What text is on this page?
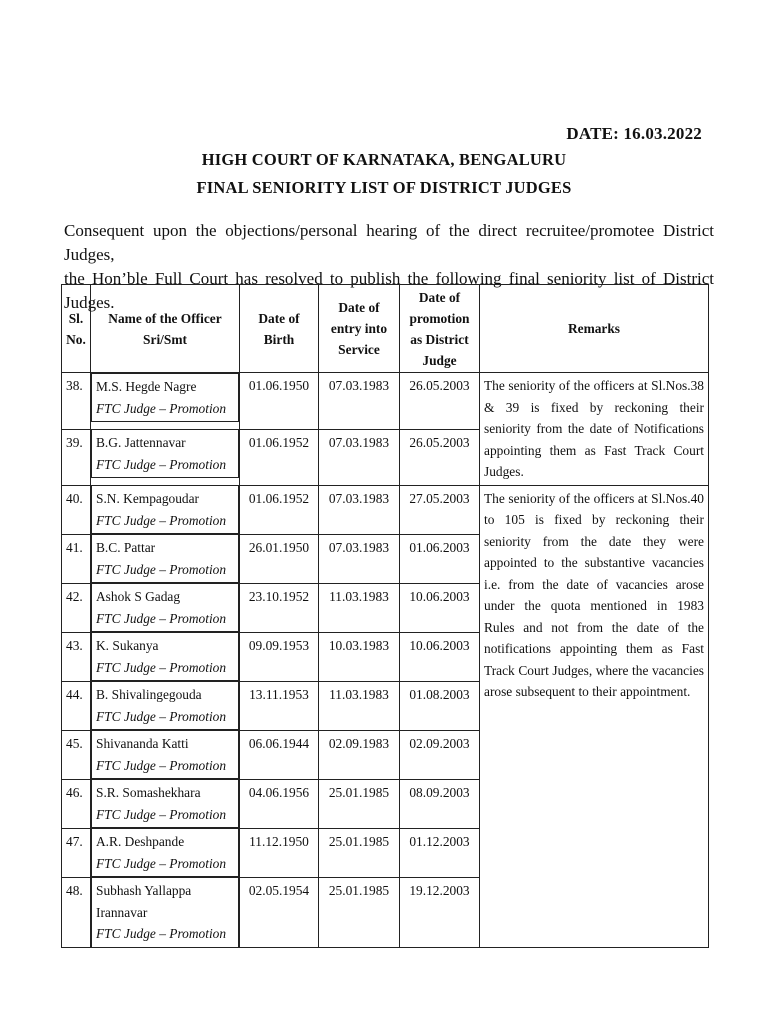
DATE: 16.03.2022
HIGH COURT OF KARNATAKA, BENGALURU
FINAL SENIORITY LIST OF DISTRICT JUDGES
Consequent upon the objections/personal hearing of the direct recruitee/promotee District Judges,
the Hon’ble Full Court has resolved to publish the following final seniority list of District Judges.
Sl. No.	Name of the Officer Sri/Smt	Date of Birth	Date of entry into Service	Date of promotion as District Judge	Remarks
38.	M.S. Hegde Nagre
FTC Judge – Promotion
01.06.1950	07.03.1983	26.05.2003	The seniority of the officers at Sl.Nos.38 & 39 is fixed by reckoning their seniority from the date of Notifications appointing them as Fast Track Court Judges.
39.	B.G. Jattennavar
FTC Judge – Promotion
01.06.1952	07.03.1983	26.05.2003	
40.	S.N. Kempagoudar
FTC Judge – Promotion
01.06.1952	07.03.1983	27.05.2003	The seniority of the officers at Sl.Nos.40 to 105 is fixed by reckoning their seniority from the date they were appointed to the substantive vacancies i.e. from the date of vacancies arose under the quota mentioned in 1983 Rules and not from the date of the notifications appointing them as Fast Track Court Judges, where the vacancies arose subsequent to their appointment.
41.	B.C. Pattar
FTC Judge – Promotion
26.01.1950	07.03.1983	01.06.2003	
42.	Ashok S Gadag
FTC Judge – Promotion
23.10.1952	11.03.1983	10.06.2003	
43.	K. Sukanya
FTC Judge – Promotion
09.09.1953	10.03.1983	10.06.2003	
44.	B. Shivalingegouda
FTC Judge – Promotion
13.11.1953	11.03.1983	01.08.2003	
45.	Shivananda Katti
FTC Judge – Promotion
06.06.1944	02.09.1983	02.09.2003	
46.	S.R. Somashekhara
FTC Judge – Promotion
04.06.1956	25.01.1985	08.09.2003	
47.	A.R. Deshpande
FTC Judge – Promotion
11.12.1950	25.01.1985	01.12.2003	
48.	Subhash Yallappa Irannavar
FTC Judge – Promotion
02.05.1954	25.01.1985	19.12.2003	
